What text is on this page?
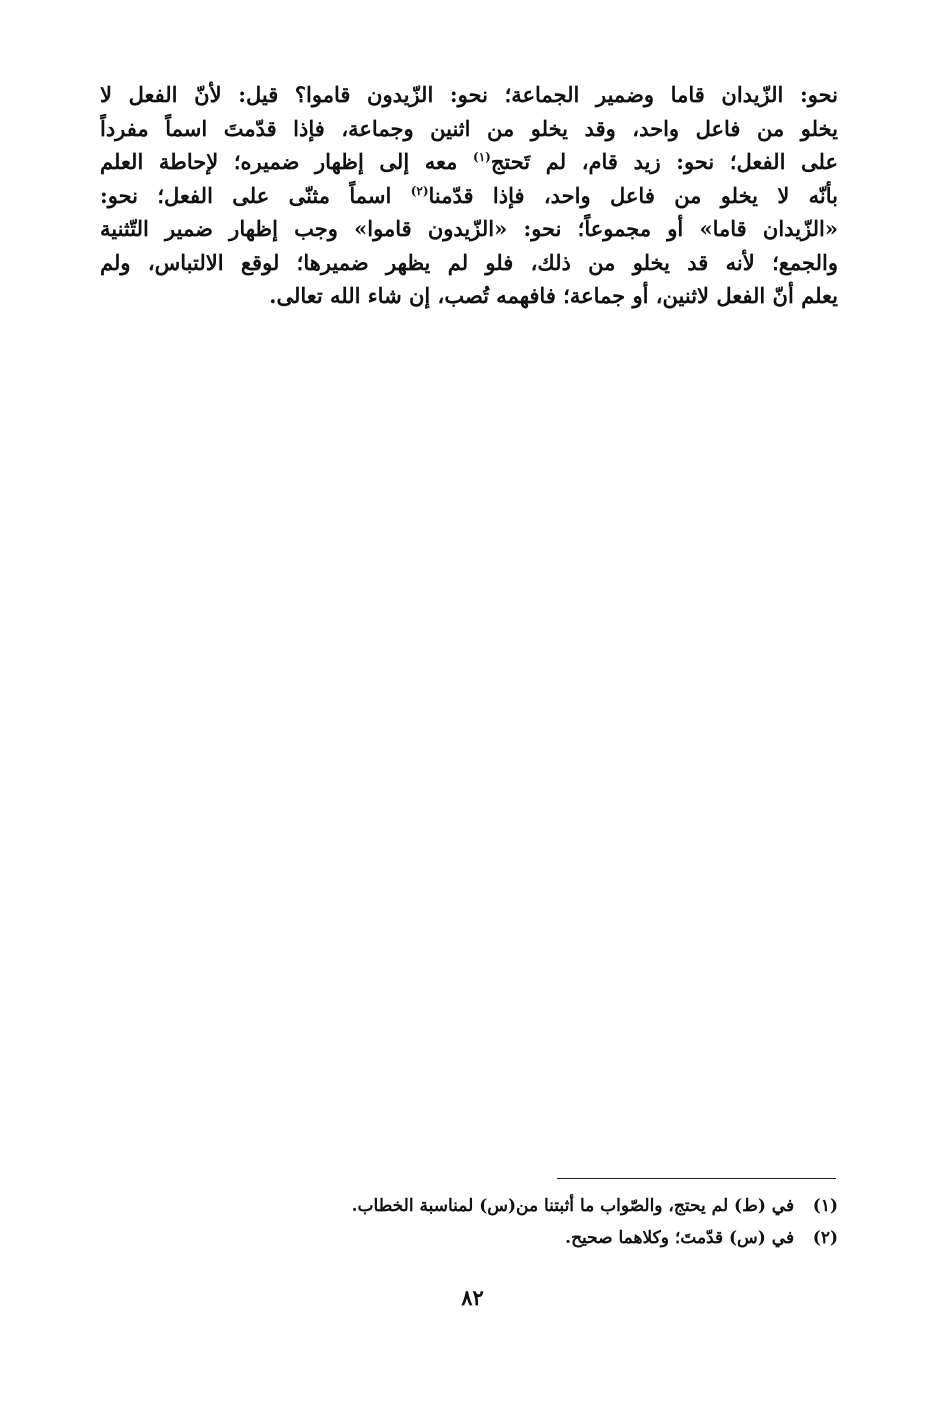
نحو: الزّيدان قاما وضمير الجماعة؛ نحو: الزّيدون قاموا؟ قيل: لأنّ الفعل لا
يخلو من فاعل واحد، وقد يخلو من اثنين وجماعة، فإذا قدّمتَ اسماً مفرداً
على الفعل؛ نحو: زيد قام، لم تَحتج$^{(١)}$ معه إلى إظهار ضميره؛ لإحاطة العلم
بأنّه لا يخلو من فاعل واحد، فإذا قدّمنا$^{(٢)}$ اسماً مثنّى على الفعل؛ نحو:
«الزّيدان قاما» أو مجموعاً؛ نحو: «الزّيدون قاموا» وجب إظهار ضمير التّثنية
والجمع؛ لأنه قد يخلو من ذلك، فلو لم يظهر ضميرها؛ لوقع الالتباس، ولم
يعلم أنّ الفعل لاثنين، أو جماعة؛ فافهمه تُصب، إن شاء الله تعالى.
(١) في (ط) لم يحتج، والصّواب ما أثبتنا من(س) لمناسبة الخطاب.
(٢) في (س) قدّمتَ؛ وكلاهما صحيح.
٨٢
